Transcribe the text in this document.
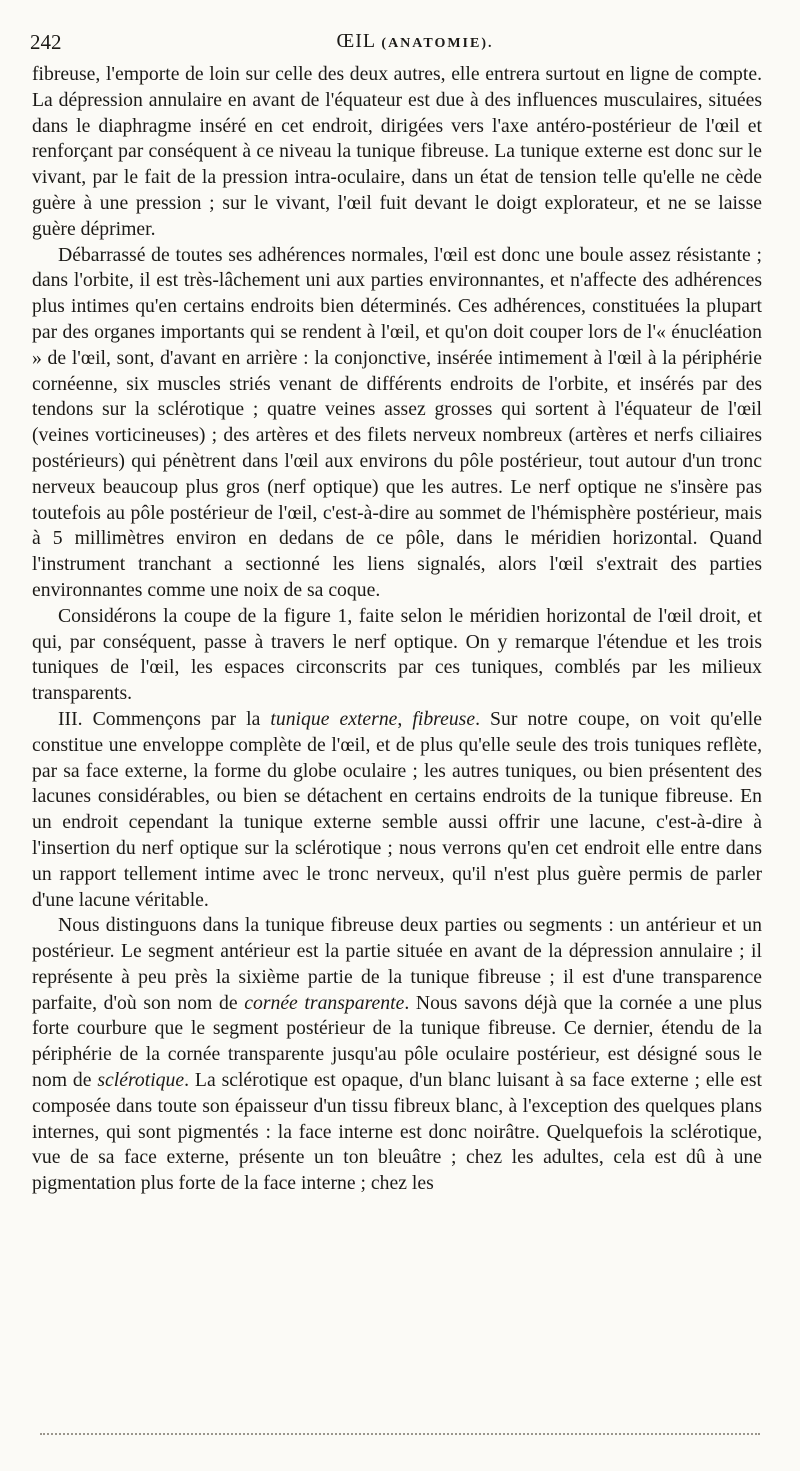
242	ŒIL (ANATOMIE).

fibreuse, l'emporte de loin sur celle des deux autres, elle entrera surtout en ligne de compte. La dépression annulaire en avant de l'équateur est due à des influences musculaires, situées dans le diaphragme inséré en cet endroit, dirigées vers l'axe antéro-postérieur de l'œil et renforçant par conséquent à ce niveau la tunique fibreuse. La tunique externe est donc sur le vivant, par le fait de la pression intra-oculaire, dans un état de tension telle qu'elle ne cède guère à une pression ; sur le vivant, l'œil fuit devant le doigt explorateur, et ne se laisse guère déprimer.

Débarrassé de toutes ses adhérences normales, l'œil est donc une boule assez résistante ; dans l'orbite, il est très-lâchement uni aux parties environnantes, et n'affecte des adhérences plus intimes qu'en certains endroits bien déterminés. Ces adhérences, constituées la plupart par des organes importants qui se rendent à l'œil, et qu'on doit couper lors de l'« énucléation » de l'œil, sont, d'avant en arrière : la conjonctive, insérée intimement à l'œil à la périphérie cornéenne, six muscles striés venant de différents endroits de l'orbite, et insérés par des tendons sur la sclérotique ; quatre veines assez grosses qui sortent à l'équateur de l'œil (veines vorticineuses) ; des artères et des filets nerveux nombreux (artères et nerfs ciliaires postérieurs) qui pénètrent dans l'œil aux environs du pôle postérieur, tout autour d'un tronc nerveux beaucoup plus gros (nerf optique) que les autres. Le nerf optique ne s'insère pas toutefois au pôle postérieur de l'œil, c'est-à-dire au sommet de l'hémisphère postérieur, mais à 5 millimètres environ en dedans de ce pôle, dans le méridien horizontal. Quand l'instrument tranchant a sectionné les liens signalés, alors l'œil s'extrait des parties environnantes comme une noix de sa coque.

Considérons la coupe de la figure 1, faite selon le méridien horizontal de l'œil droit, et qui, par conséquent, passe à travers le nerf optique. On y remarque l'étendue et les trois tuniques de l'œil, les espaces circonscrits par ces tuniques, comblés par les milieux transparents.

III. Commençons par la tunique externe, fibreuse. Sur notre coupe, on voit qu'elle constitue une enveloppe complète de l'œil, et de plus qu'elle seule des trois tuniques reflète, par sa face externe, la forme du globe oculaire ; les autres tuniques, ou bien présentent des lacunes considérables, ou bien se détachent en certains endroits de la tunique fibreuse. En un endroit cependant la tunique externe semble aussi offrir une lacune, c'est-à-dire à l'insertion du nerf optique sur la sclérotique ; nous verrons qu'en cet endroit elle entre dans un rapport tellement intime avec le tronc nerveux, qu'il n'est plus guère permis de parler d'une lacune véritable.

Nous distinguons dans la tunique fibreuse deux parties ou segments : un antérieur et un postérieur. Le segment antérieur est la partie située en avant de la dépression annulaire ; il représente à peu près la sixième partie de la tunique fibreuse ; il est d'une transparence parfaite, d'où son nom de cornée transparente. Nous savons déjà que la cornée a une plus forte courbure que le segment postérieur de la tunique fibreuse. Ce dernier, étendu de la périphérie de la cornée transparente jusqu'au pôle oculaire postérieur, est désigné sous le nom de sclérotique. La sclérotique est opaque, d'un blanc luisant à sa face externe ; elle est composée dans toute son épaisseur d'un tissu fibreux blanc, à l'exception des quelques plans internes, qui sont pigmentés : la face interne est donc noirâtre. Quelquefois la sclérotique, vue de sa face externe, présente un ton bleuâtre ; chez les adultes, cela est dû à une pigmentation plus forte de la face interne ; chez les
